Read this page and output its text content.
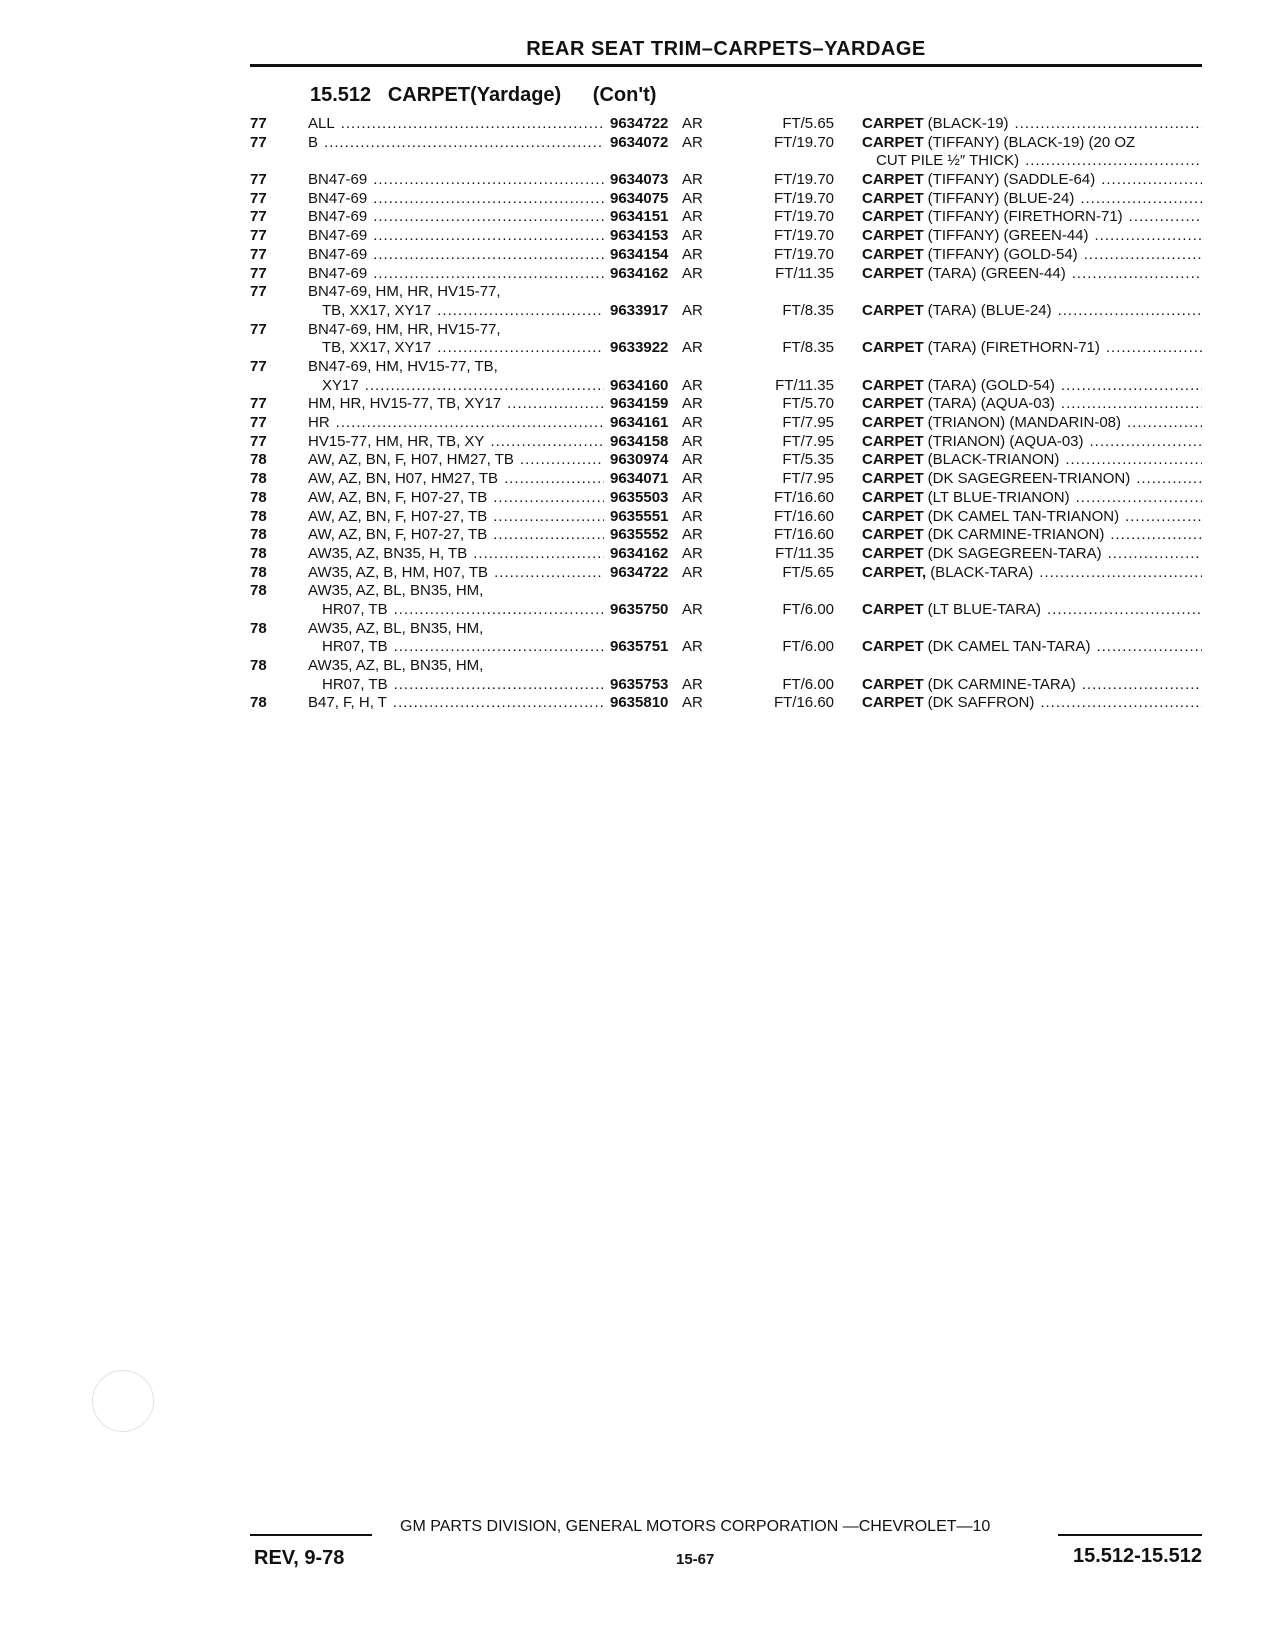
REAR SEAT TRIM–CARPETS–YARDAGE
15.512 CARPET(Yardage) (Con't)
77	ALL .....	9634722 AR	FT/5.65 CARPET (BLACK-19)
.....
77	B .....	9634072 AR	FT/19.70 CARPET (TIFFANY) (BLACK-19) (20 OZ
CUT PILE ½″ THICK)
.....
77	BN47-69 .....	9634073 AR	FT/19.70 CARPET (TIFFANY) (SADDLE-64)
.....
77	BN47-69 .....	9634075 AR	FT/19.70 CARPET (TIFFANY) (BLUE-24)
.....
77	BN47-69 .....	9634151 AR	FT/19.70 CARPET (TIFFANY) (FIRETHORN-71)
.....
77	BN47-69 .....	9634153 AR	FT/19.70 CARPET (TIFFANY) (GREEN-44)
.....
77	BN47-69 .....	9634154 AR	FT/19.70 CARPET (TIFFANY) (GOLD-54)
.....
77	BN47-69 .....	9634162 AR	FT/11.35 CARPET (TARA) (GREEN-44)
.....
77	BN47-69, HM, HR, HV15-77,
TB, XX17, XY17 .....	9633917 AR	FT/8.35 CARPET (TARA) (BLUE-24)
.....
77	BN47-69, HM, HR, HV15-77,
TB, XX17, XY17 .....	9633922 AR	FT/8.35 CARPET (TARA) (FIRETHORN-71)
.....
77	BN47-69, HM, HV15-77, TB,
XY17 .....	9634160 AR	FT/11.35 CARPET (TARA) (GOLD-54)
.....
77	HM, HR, HV15-77, TB, XY17 .....	9634159 AR	FT/5.70 CARPET (TARA) (AQUA-03)
.....
77	HR .....	9634161 AR	FT/7.95 CARPET (TRIANON) (MANDARIN-08)
.....
77	HV15-77, HM, HR, TB, XY .....	9634158 AR	FT/7.95 CARPET (TRIANON) (AQUA-03)
.....
78	AW, AZ, BN, F, H07, HM27, TB .....	9630974 AR	FT/5.35 CARPET (BLACK-TRIANON)
.....
78	AW, AZ, BN, H07, HM27, TB .....	9634071 AR	FT/7.95 CARPET (DK SAGEGREEN-TRIANON)
.....
78	AW, AZ, BN, F, H07-27, TB .....	9635503 AR	FT/16.60 CARPET (LT BLUE-TRIANON)
.....
78	AW, AZ, BN, F, H07-27, TB .....	9635551 AR	FT/16.60 CARPET (DK CAMEL TAN-TRIANON)
.....
78	AW, AZ, BN, F, H07-27, TB .....	9635552 AR	FT/16.60 CARPET (DK CARMINE-TRIANON)
.....
78	AW35, AZ, BN35, H, TB .....	9634162 AR	FT/11.35 CARPET (DK SAGEGREEN-TARA)
.....
78	AW35, AZ, B, HM, H07, TB .....	9634722 AR	FT/5.65 CARPET, (BLACK-TARA)
.....
78	AW35, AZ, BL, BN35, HM,
HR07, TB .....	9635750 AR	FT/6.00 CARPET (LT BLUE-TARA)
.....
78	AW35, AZ, BL, BN35, HM,
HR07, TB .....	9635751 AR	FT/6.00 CARPET (DK CAMEL TAN-TARA)
.....
78	AW35, AZ, BL, BN35, HM,
HR07, TB .....	9635753 AR	FT/6.00 CARPET (DK CARMINE-TARA)
.....
78	B47, F, H, T .....	9635810 AR	FT/16.60 CARPET (DK SAFFRON)
.....
GM PARTS DIVISION, GENERAL MOTORS CORPORATION —CHEVROLET—10
REV, 9-78	15-67	15.512-15.512
